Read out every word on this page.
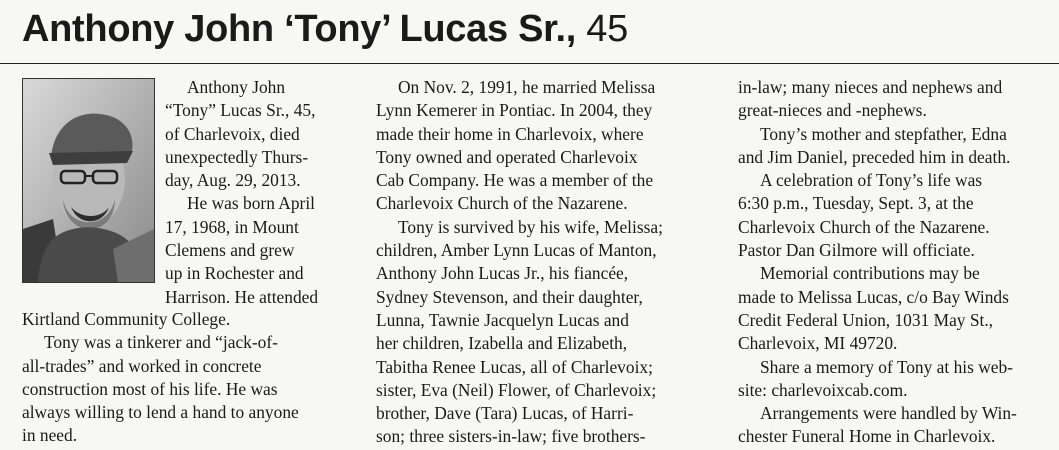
Anthony John ‘Tony’ Lucas Sr., 45
Anthony John
“Tony” Lucas Sr., 45,
of Charlevoix, died
unexpectedly Thurs-
day, Aug. 29, 2013.
He was born April
17, 1968, in Mount
Clemens and grew
up in Rochester and
Harrison. He attended
Kirtland Community College.
Tony was a tinkerer and “jack-of-
all-trades” and worked in concrete
construction most of his life. He was
always willing to lend a hand to anyone
in need.
On Nov. 2, 1991, he married Melissa
Lynn Kemerer in Pontiac. In 2004, they
made their home in Charlevoix, where
Tony owned and operated Charlevoix
Cab Company. He was a member of the
Charlevoix Church of the Nazarene.
Tony is survived by his wife, Melissa;
children, Amber Lynn Lucas of Manton,
Anthony John Lucas Jr., his fiancée,
Sydney Stevenson, and their daughter,
Lunna, Tawnie Jacquelyn Lucas and
her children, Izabella and Elizabeth,
Tabitha Renee Lucas, all of Charlevoix;
sister, Eva (Neil) Flower, of Charlevoix;
brother, Dave (Tara) Lucas, of Harri-
son; three sisters-in-law; five brothers-
in-law; many nieces and nephews and
great-nieces and -nephews.
Tony’s mother and stepfather, Edna
and Jim Daniel, preceded him in death.
A celebration of Tony’s life was
6:30 p.m., Tuesday, Sept. 3, at the
Charlevoix Church of the Nazarene.
Pastor Dan Gilmore will officiate.
Memorial contributions may be
made to Melissa Lucas, c/o Bay Winds
Credit Federal Union, 1031 May St.,
Charlevoix, MI 49720.
Share a memory of Tony at his web-
site: charlevoixcab.com.
Arrangements were handled by Win-
chester Funeral Home in Charlevoix.
